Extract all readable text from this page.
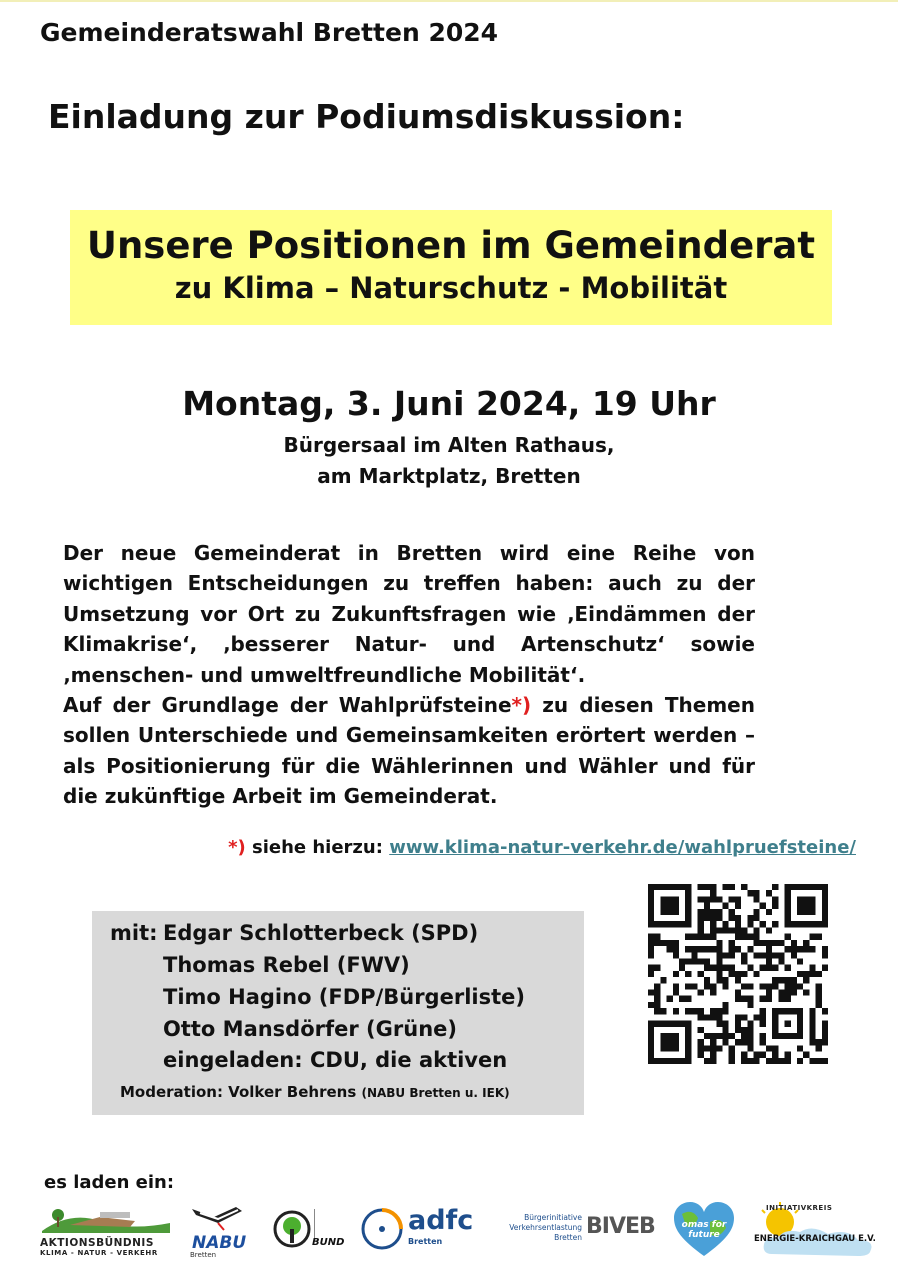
Gemeinderatswahl Bretten 2024
Einladung zur Podiumsdiskussion:
Unsere Positionen im Gemeinderat
zu Klima – Naturschutz - Mobilität
Montag, 3. Juni 2024, 19 Uhr
Bürgersaal im Alten Rathaus,
am Marktplatz, Bretten

Der neue Gemeinderat in Bretten wird eine Reihe von wichtigen Entscheidungen zu treffen haben: auch zu der Umsetzung vor Ort zu Zukunftsfragen wie ‚Eindämmen der Klimakrise‘, ‚besserer Natur- und Artenschutz‘ sowie ‚menschen- und umweltfreundliche Mobilität‘.

Auf der Grundlage der Wahlprüfsteine*) zu diesen Themen sollen Unterschiede und Gemeinsamkeiten erörtert werden – als Positionierung für die Wählerinnen und Wähler und für die zukünftige Arbeit im Gemeinderat.

*) siehe hierzu: www.klima-natur-verkehr.de/wahlpruefsteine/
mit: Edgar Schlotterbeck (SPD)
Thomas Rebel (FWV)
Timo Hagino (FDP/Bürgerliste)
Otto Mansdörfer (Grüne)
eingeladen: CDU, die aktiven
Moderation: Volker Behrens (NABU Bretten u. IEK)
es laden ein:
AKTIONSBÜNDNIS
KLIMA - NATUR - VERKEHR	NABU
Bretten
BUND
adfc
Bretten
Bürgerinitiative
Verkehrsentlastung
Bretten BIVEB	omas for future
INITIATIVKREIS
ENERGIE-KRAICHGAU E.V.
